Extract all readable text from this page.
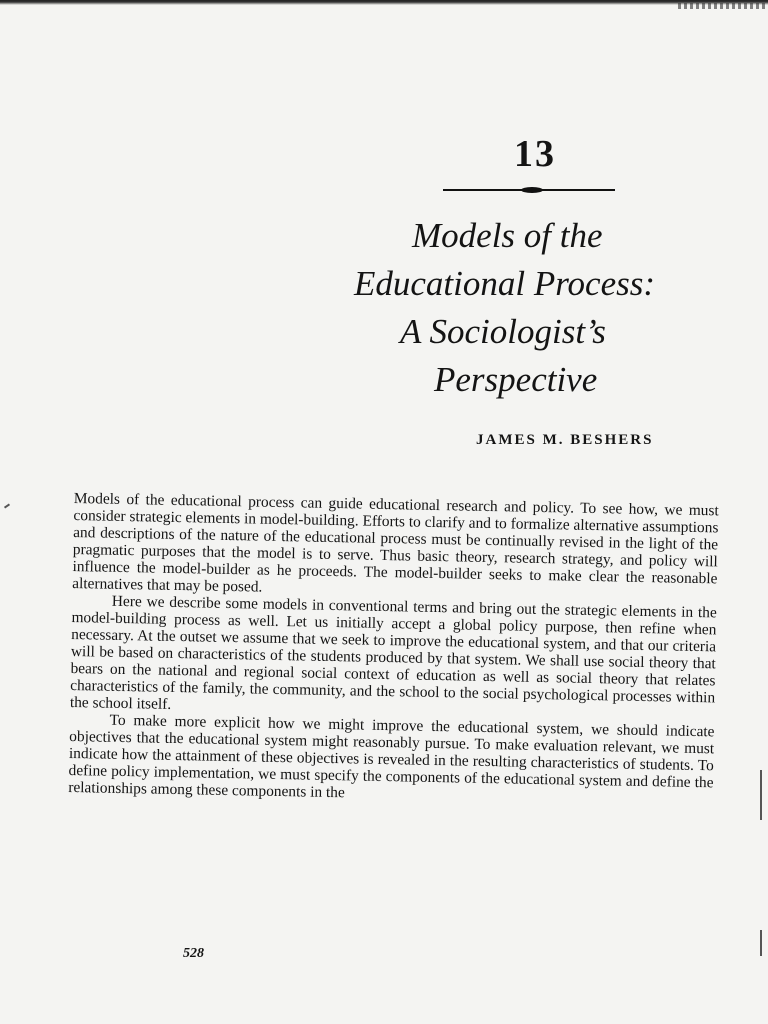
13
Models of the
Educational Process:
A Sociologist’s
Perspective
JAMES M. BESHERS

Models of the educational process can guide educational research and policy. To see how, we must consider strategic elements in model-building. Efforts to clarify and to formalize alternative assumptions and descriptions of the nature of the educational process must be continually revised in the light of the pragmatic purposes that the model is to serve. Thus basic theory, research strategy, and policy will influence the model-builder as he proceeds. The model-builder seeks to make clear the reasonable alternatives that may be posed.

Here we describe some models in conventional terms and bring out the strategic elements in the model-building process as well. Let us initially accept a global policy purpose, then refine when necessary. At the outset we assume that we seek to improve the educational system, and that our criteria will be based on characteristics of the students produced by that system. We shall use social theory that bears on the national and regional social context of education as well as social theory that relates characteristics of the family, the community, and the school to the social psychological processes within the school itself.

To make more explicit how we might improve the educational system, we should indicate objectives that the educational system might reasonably pursue. To make evaluation relevant, we must indicate how the attainment of these objectives is revealed in the resulting characteristics of students. To define policy implementation, we must specify the components of the educational system and define the relationships among these components in the

528
